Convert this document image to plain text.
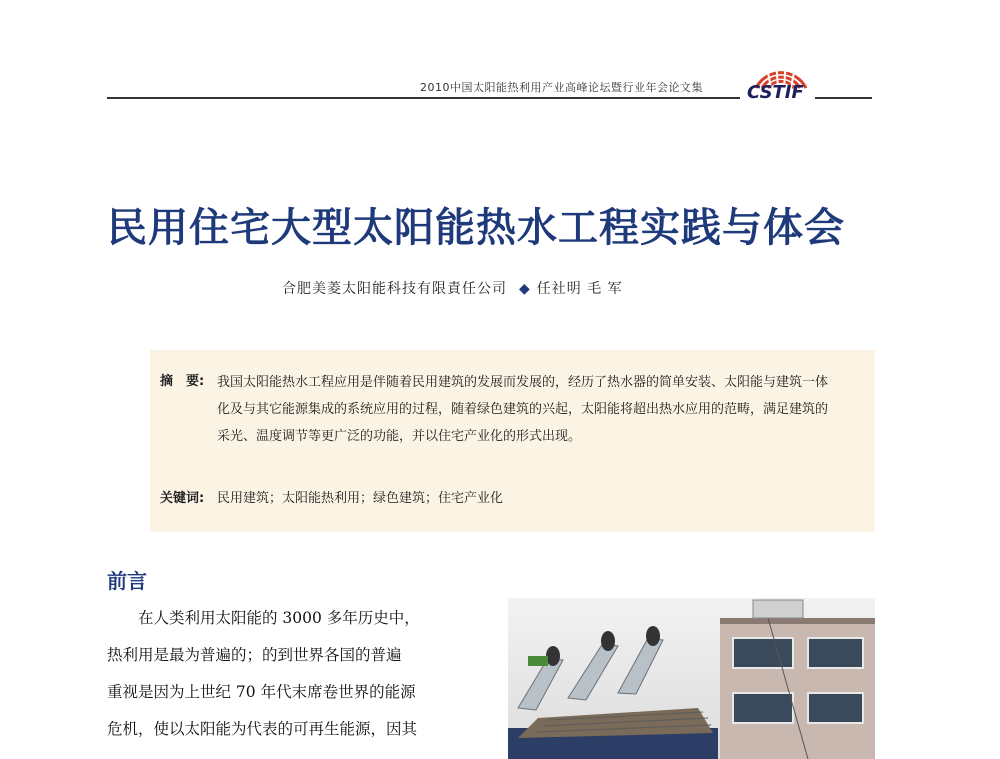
2010中国太阳能热利用产业高峰论坛暨行业年会论文集 CSTIF
民用住宅大型太阳能热水工程实践与体会
合肥美菱太阳能科技有限責任公司 ◆ 任社明 毛 军
摘　要: 我国太阳能热水工程应用是伴随着民用建筑的发展而发展的，经历了热水器的简单安装、太阳能与建筑一体化及与其它能源集成的系统应用的过程，随着绿色建筑的兴起，太阳能将超出热水应用的范畴，满足建筑的采光、温度调节等更广泛的功能，并以住宅产业化的形式出现。
关键词: 民用建筑；太阳能热利用；绿色建筑；住宅产业化
前言

在人类利用太阳能的 3000 多年历史中，

热利用是最为普遍的；的到世界各国的普遍

重视是因为上世纪 70 年代末席卷世界的能源

危机，使以太阳能为代表的可再生能源，因其
